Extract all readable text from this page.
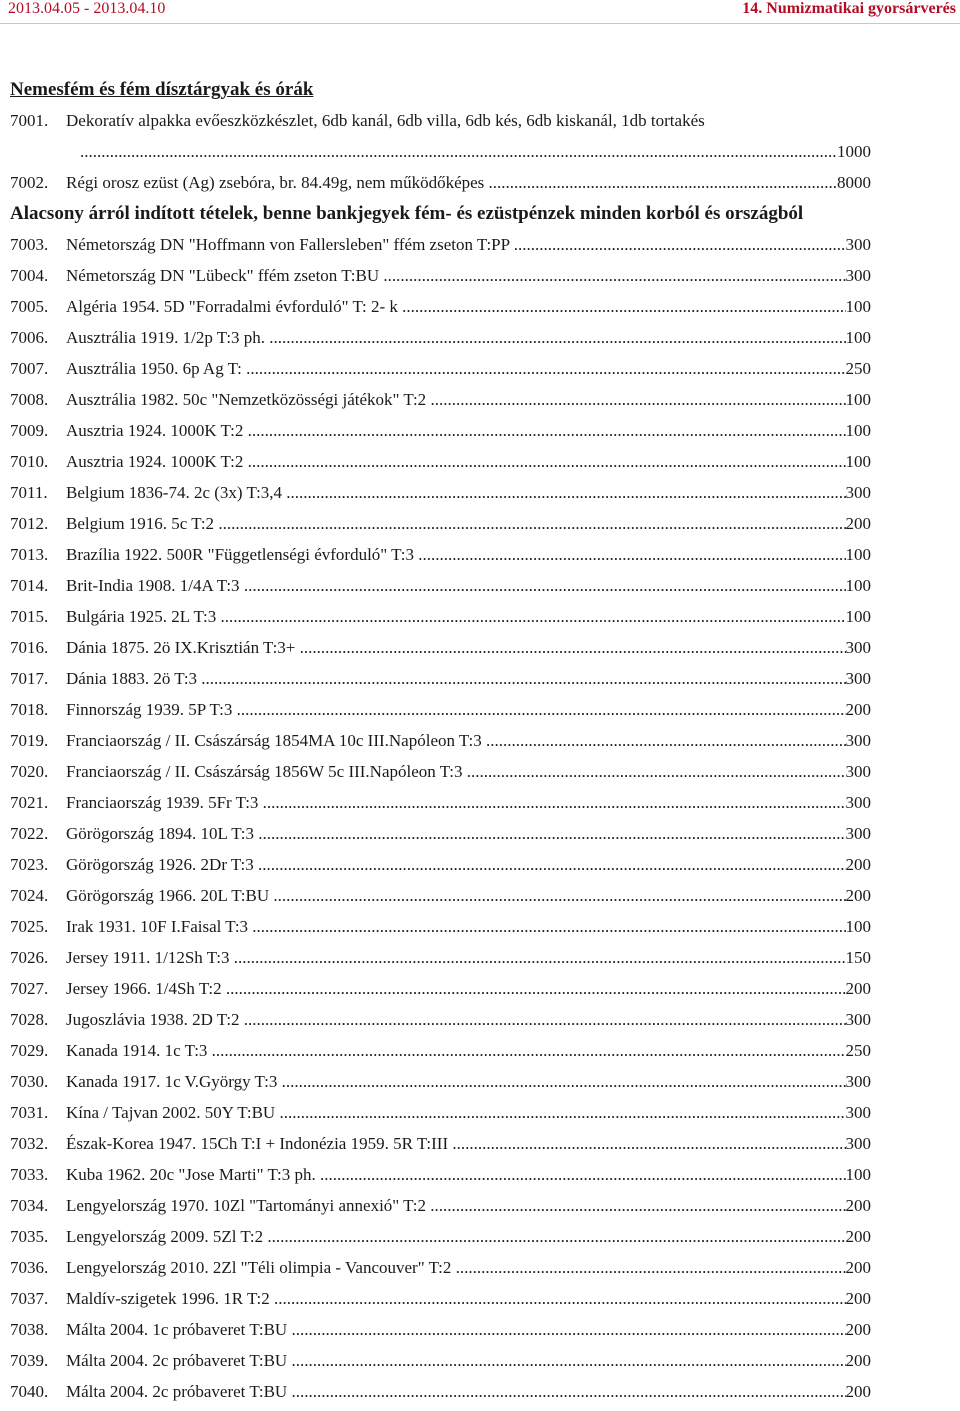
2013.04.05 - 2013.04.10	14. Numizmatikai gyorsárverés
Nemesfém és fém dísztárgyak és órák
7001. Dekoratív alpakka evőeszközkészlet, 6db kanál, 6db villa, 6db kés, 6db kiskanál, 1db tortakés
.....
1000
7002.	Régi orosz ezüst (Ag) zsebóra, br. 84.49g, nem működőképes .....	8000
Alacsony árról indított tételek, benne bankjegyek fém- és ezüstpénzek minden korból és országból
7003.	Németország DN "Hoffmann von Fallersleben" ffém zseton T:PP .....	300
7004.	Németország DN "Lübeck" ffém zseton T:BU .....	300
7005.	Algéria 1954. 5D "Forradalmi évforduló" T: 2- k .....	100
7006.	Ausztrália 1919. 1/2p T:3 ph. .....	100
7007.	Ausztrália 1950. 6p Ag T: .....	250
7008.	Ausztrália 1982. 50c "Nemzetközösségi játékok" T:2 .....	100
7009.	Ausztria 1924. 1000K T:2 .....	100
7010.	Ausztria 1924. 1000K T:2 .....	100
7011.	Belgium 1836-74. 2c (3x) T:3,4 .....	300
7012.	Belgium 1916. 5c T:2 .....	200
7013.	Brazília 1922. 500R "Függetlenségi évforduló" T:3 .....	100
7014.	Brit-India 1908. 1/4A T:3 .....	100
7015.	Bulgária 1925. 2L T:3 .....	100
7016.	Dánia 1875. 2ö IX.Krisztián T:3+ .....	300
7017.	Dánia 1883. 2ö T:3 .....	300
7018.	Finnország 1939. 5P T:3 .....	200
7019.	Franciaország / II. Császárság 1854MA 10c III.Napóleon T:3 .....	300
7020.	Franciaország / II. Császárság 1856W 5c III.Napóleon T:3 .....	300
7021.	Franciaország 1939. 5Fr T:3 .....	300
7022.	Görögország 1894. 10L T:3 .....	300
7023.	Görögország 1926. 2Dr T:3 .....	200
7024.	Görögország 1966. 20L T:BU .....	200
7025.	Irak 1931. 10F I.Faisal T:3 .....	100
7026.	Jersey 1911. 1/12Sh T:3 .....	150
7027.	Jersey 1966. 1/4Sh T:2 .....	200
7028.	Jugoszlávia 1938. 2D T:2 .....	300
7029.	Kanada 1914. 1c T:3 .....	250
7030.	Kanada 1917. 1c V.György T:3 .....	300
7031.	Kína / Tajvan 2002. 50Y T:BU .....	300
7032.	Észak-Korea 1947. 15Ch T:I + Indonézia 1959. 5R T:III .....	300
7033.	Kuba 1962. 20c "Jose Marti" T:3 ph. .....	100
7034.	Lengyelország 1970. 10Zl "Tartományi annexió" T:2 .....	200
7035.	Lengyelország 2009. 5Zl T:2 .....	200
7036.	Lengyelország 2010. 2Zl "Téli olimpia - Vancouver" T:2 .....	200
7037.	Maldív-szigetek 1996. 1R T:2 .....	200
7038.	Málta 2004. 1c próbaveret T:BU .....	200
7039.	Málta 2004. 2c próbaveret T:BU .....	200
7040.	Málta 2004. 2c próbaveret T:BU .....	200
